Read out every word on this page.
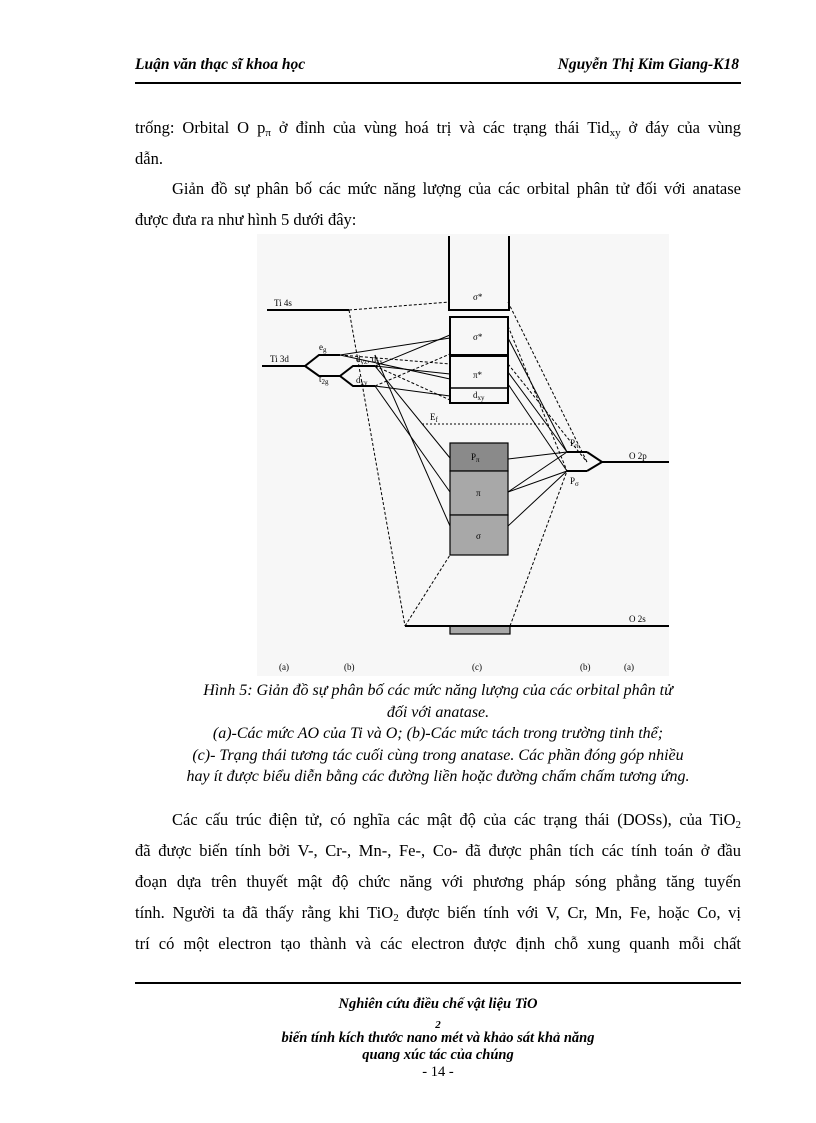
Luận văn thạc sĩ khoa học	Nguyễn Thị Kim Giang-K18
trống: Orbital O $p_\pi$ ở đỉnh của vùng hoá trị và các trạng thái Tid$_{xy}$ ở đáy của vùng
dẫn.
Giản đồ sự phân bố các mức năng lượng của các orbital phân tử đối với anatase
được đưa ra như hình 5 dưới đây:
Ti 4s
Ti 3d
$e_g$
$t_{2g}$
$d_{yz}$, $d_{zx}$
$d_{xy}$
σ*
σ*
π*
$d_{xy}$
$E_f$
$P_\pi$
π
σ
$P_\pi$
$P_\sigma$
O 2p
O 2s
(a)	(b)	(c)	(b)	(a)
Hình 5: Giản đồ sự phân bố các mức năng lượng của các orbital phân tử
đối với anatase.
(a)-Các mức AO của Ti và O; (b)-Các mức tách trong trường tinh thể;
(c)- Trạng thái tương tác cuối cùng trong anatase. Các phần đóng góp nhiều
hay ít được biểu diễn bằng các đường liền hoặc đường chấm chấm tương ứng.
Các cấu trúc điện tử, có nghĩa các mật độ của các trạng thái (DOSs), của TiO$_2$
đã được biến tính bởi V-, Cr-, Mn-, Fe-, Co- đã được phân tích các tính toán ở đầu
đoạn dựa trên thuyết mật độ chức năng với phương pháp sóng phẳng tăng tuyến
tính. Người ta đã thấy rằng khi TiO$_2$ được biến tính với V, Cr, Mn, Fe, hoặc Co, vị
trí có một electron tạo thành và các electron được định chỗ xung quanh mỗi chất
Nghiên cứu điều chế vật liệu TiO
$_2$
biến tính kích thước nano mét và khảo sát khả năng
quang xúc tác của chúng
- 14 -
